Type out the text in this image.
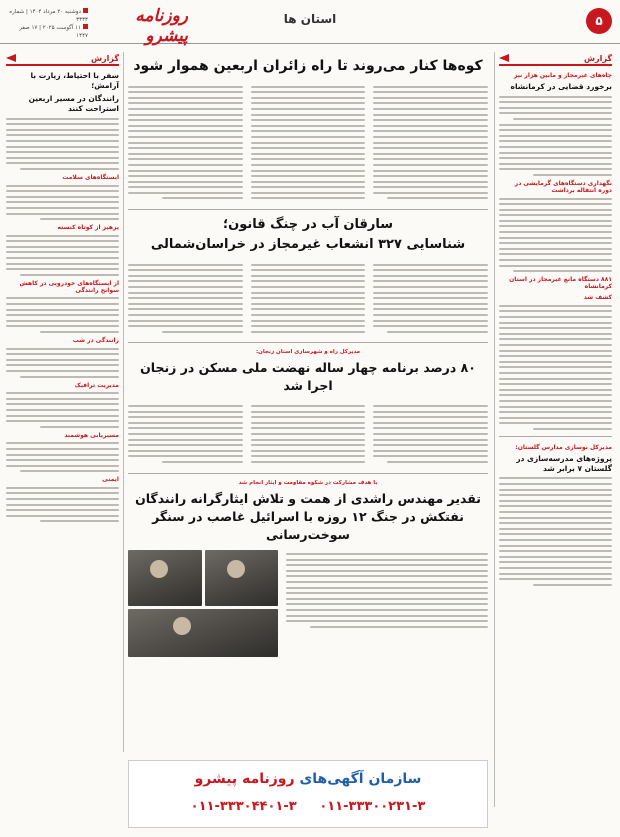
۵
استان ها
روزنامه پیشرو
دوشنبه ۲۰ مرداد ۱۴۰۴ | شماره ۳۳۳۳
۱۱ آگوست ۲۰۲۵ | ۱۷ صفر ۱۴۴۷
گزارش
چاه‌های غیرمجاز و مابین هزار نیز
برخورد قضایی در کرمانشاه
نگهداری دستگاه‌های گرمایشی در دوره انتقاله برداشت
۸۸۱ دستگاه مانع غیرمجاز در استان کرمانشاه
کشف شد
مدیرکل نوسازی مدارس گلستان:
پروژه‌های مدرسه‌سازی در گلستان ۷ برابر شد
کوه‌ها کنار می‌روند تا راه زائران اربعین هموار شود
سارقان آب در چنگ قانون؛
شناسایی ۳۲۷ انشعاب غیرمجاز در خراسان‌شمالی
مدیرکل راه و شهرسازی استان زنجان:
۸۰ درصد برنامه چهار ساله نهضت ملی مسکن در زنجان اجرا شد
با هدف مشارکت در شکوه مقاومت و ایثار انجام شد
تقدیر مهندس راشدی از همت و تلاش ایثارگرانه رانندگان نفتکش در جنگ ۱۲ روزه با اسرائیل غاصب در سنگر سوخت‌رسانی
گزارش
سفر با احتیاط، زیارت با آرامش؛
رانندگان در مسیر اربعین استراحت کنند
ایستگاه‌های سلامت
پرهیز از کوتاه کنسته
از ایستگاه‌های خودرویی در کاهش سوانح رانندگی
رانندگی در شب
مدیریت ترافیک
مسیریابی هوشمند
ایمنی
سازمان آگهی‌های روزنامه پیشرو
۰۱۱-۳۳۳۰۰۲۳۱-۳     ۰۱۱-۳۳۳۰۴۴۰۱-۳
